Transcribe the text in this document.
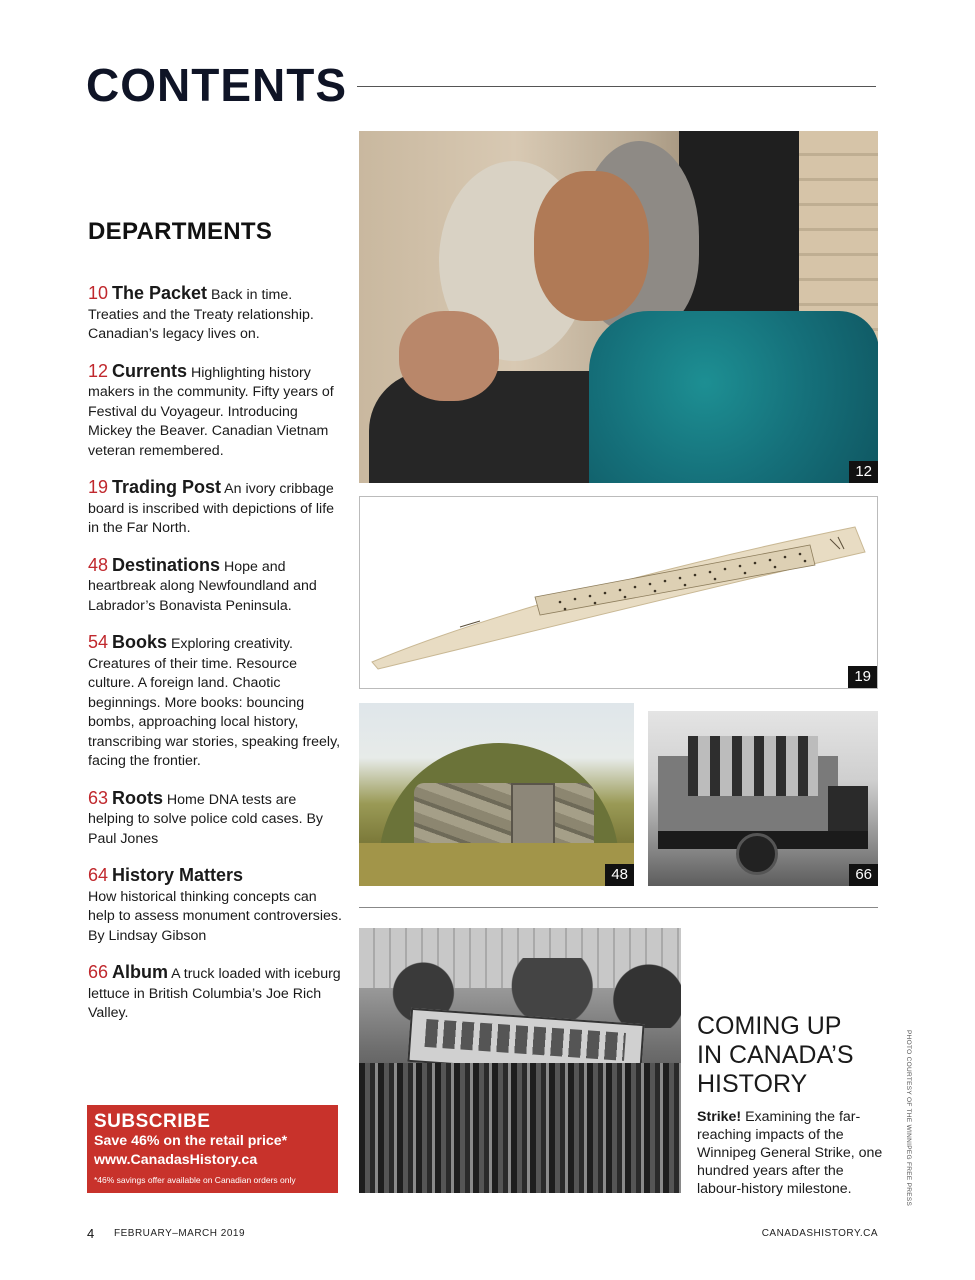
CONTENTS
DEPARTMENTS
10 The Packet Back in time. Treaties and the Treaty relationship. Canadian’s legacy lives on.
12 Currents Highlighting history makers in the community. Fifty years of Festival du Voyageur. Introducing Mickey the Beaver. Canadian Vietnam veteran remembered.
19 Trading Post An ivory cribbage board is inscribed with depictions of life in the Far North.
48 Destinations Hope and heartbreak along Newfoundland and Labrador’s Bonavista Peninsula.
54 Books Exploring creativity. Creatures of their time. Resource culture. A foreign land. Chaotic beginnings. More books: bouncing bombs, approaching local history, transcribing war stories, speaking freely, facing the frontier.
63 Roots Home DNA tests are helping to solve police cold cases. By Paul Jones
64 History Matters
How historical thinking concepts can help to assess monument controversies. By Lindsay Gibson
66 Album A truck loaded with iceburg lettuce in British Columbia’s Joe Rich Valley.
12
19
48	66
COMING UP
IN CANADA’S
HISTORY
Strike! Examining the far-reaching impacts of the Winnipeg General Strike, one hundred years after the labour-history milestone.	PHOTO COURTESY OF THE WINNIPEG FREE PRESS
SUBSCRIBE
Save 46% on the retail price*
www.CanadasHistory.ca
*46% savings offer available on Canadian orders only
4 FEBRUARY–MARCH 2019	CANADASHISTORY.CA
